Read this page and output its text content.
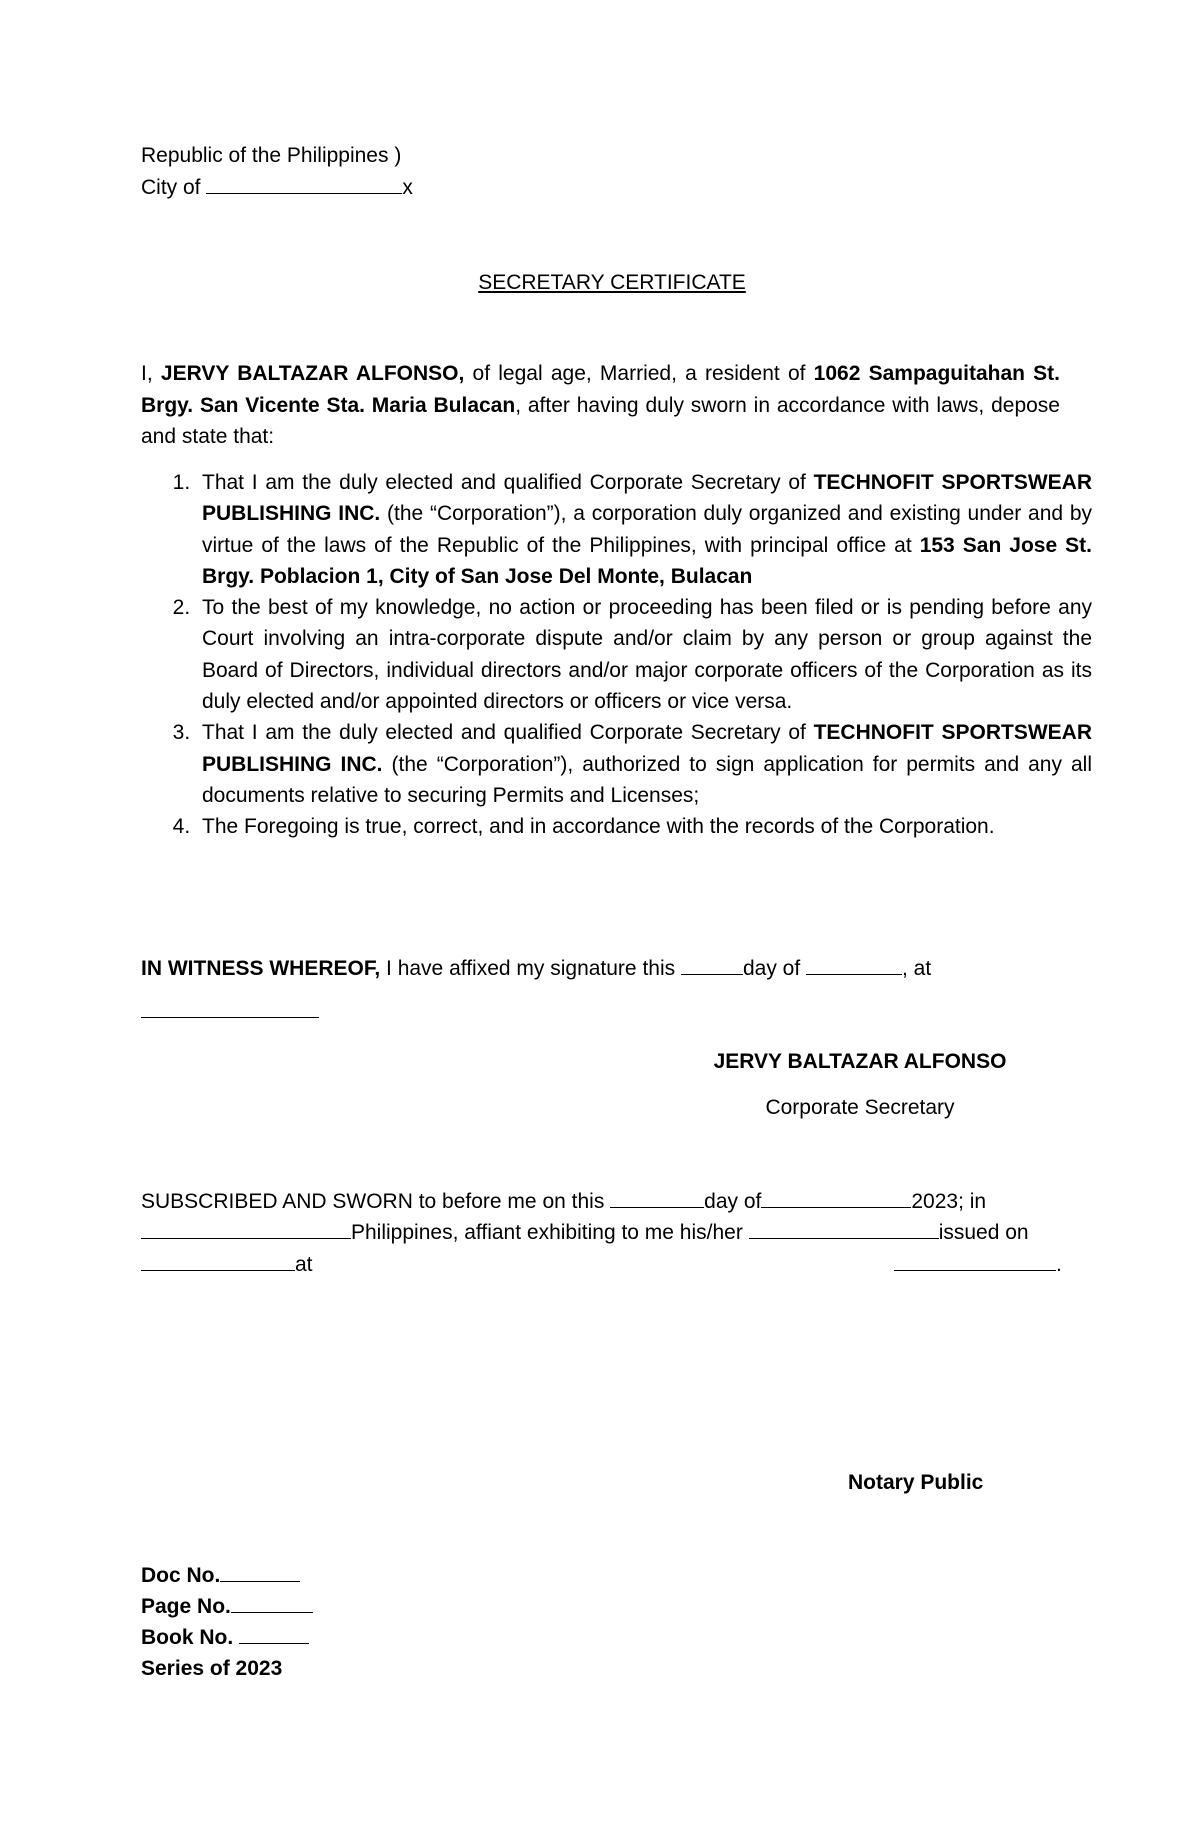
Republic of the Philippines )
City of	x
SECRETARY CERTIFICATE
I, JERVY BALTAZAR ALFONSO, of legal age, Married, a resident of 1062 Sampaguitahan St. Brgy. San Vicente Sta. Maria Bulacan, after having duly sworn in accordance with laws, depose and state that:
1. That I am the duly elected and qualified Corporate Secretary of TECHNOFIT SPORTSWEAR PUBLISHING INC. (the “Corporation”), a corporation duly organized and existing under and by virtue of the laws of the Republic of the Philippines, with principal office at 153 San Jose St. Brgy. Poblacion 1, City of San Jose Del Monte, Bulacan
2. To the best of my knowledge, no action or proceeding has been filed or is pending before any Court involving an intra-corporate dispute and/or claim by any person or group against the Board of Directors, individual directors and/or major corporate officers of the Corporation as its duly elected and/or appointed directors or officers or vice versa.
3. That I am the duly elected and qualified Corporate Secretary of TECHNOFIT SPORTSWEAR PUBLISHING INC. (the “Corporation”), authorized to sign application for permits and any all documents relative to securing Permits and Licenses;
4. The Foregoing is true, correct, and in accordance with the records of the Corporation.
IN WITNESS WHEREOF, I have affixed my signature this	day of	, at
JERVY BALTAZAR ALFONSO
Corporate Secretary
SUBSCRIBED AND SWORN to before me on this	day of	2023; in
Philippines, affiant exhibiting to me his/her	issued on
at	.
Notary Public
Doc No.
Page No.
Book No.
Series of 2023
